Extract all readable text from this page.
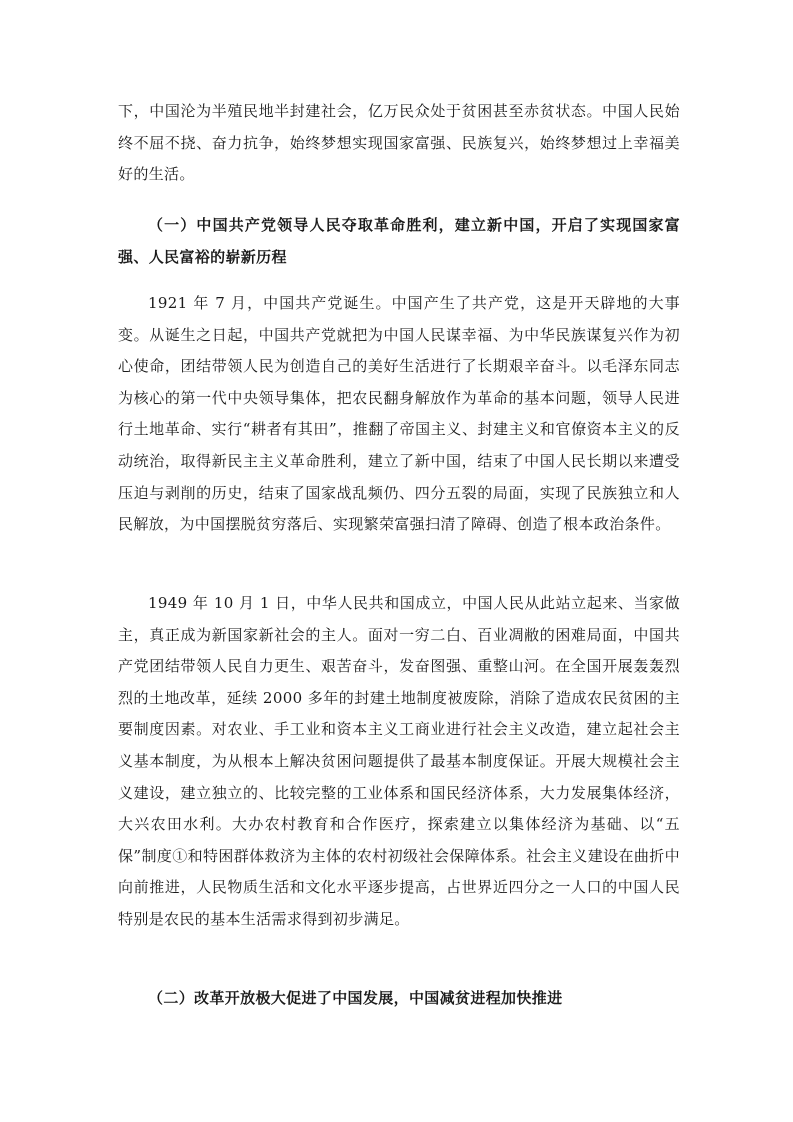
下，中国沦为半殖民地半封建社会，亿万民众处于贫困甚至赤贫状态。中国人民始终不屈不挠、奋力抗争，始终梦想实现国家富强、民族复兴，始终梦想过上幸福美好的生活。
（一）中国共产党领导人民夺取革命胜利，建立新中国，开启了实现国家富强、人民富裕的崭新历程
1921 年 7 月，中国共产党诞生。中国产生了共产党，这是开天辟地的大事变。从诞生之日起，中国共产党就把为中国人民谋幸福、为中华民族谋复兴作为初心使命，团结带领人民为创造自己的美好生活进行了长期艰辛奋斗。以毛泽东同志为核心的第一代中央领导集体，把农民翻身解放作为革命的基本问题，领导人民进行土地革命、实行“耕者有其田”，推翻了帝国主义、封建主义和官僚资本主义的反动统治，取得新民主主义革命胜利，建立了新中国，结束了中国人民长期以来遭受压迫与剥削的历史，结束了国家战乱频仍、四分五裂的局面，实现了民族独立和人民解放，为中国摆脱贫穷落后、实现繁荣富强扫清了障碍、创造了根本政治条件。
1949 年 10 月 1 日，中华人民共和国成立，中国人民从此站立起来、当家做主，真正成为新国家新社会的主人。面对一穷二白、百业凋敝的困难局面，中国共产党团结带领人民自力更生、艰苦奋斗，发奋图强、重整山河。在全国开展轰轰烈烈的土地改革，延续 2000 多年的封建土地制度被废除，消除了造成农民贫困的主要制度因素。对农业、手工业和资本主义工商业进行社会主义改造，建立起社会主义基本制度，为从根本上解决贫困问题提供了最基本制度保证。开展大规模社会主义建设，建立独立的、比较完整的工业体系和国民经济体系，大力发展集体经济，大兴农田水利。大办农村教育和合作医疗，探索建立以集体经济为基础、以“五保”制度①和特困群体救济为主体的农村初级社会保障体系。社会主义建设在曲折中向前推进，人民物质生活和文化水平逐步提高，占世界近四分之一人口的中国人民特别是农民的基本生活需求得到初步满足。
（二）改革开放极大促进了中国发展，中国减贫进程加快推进
